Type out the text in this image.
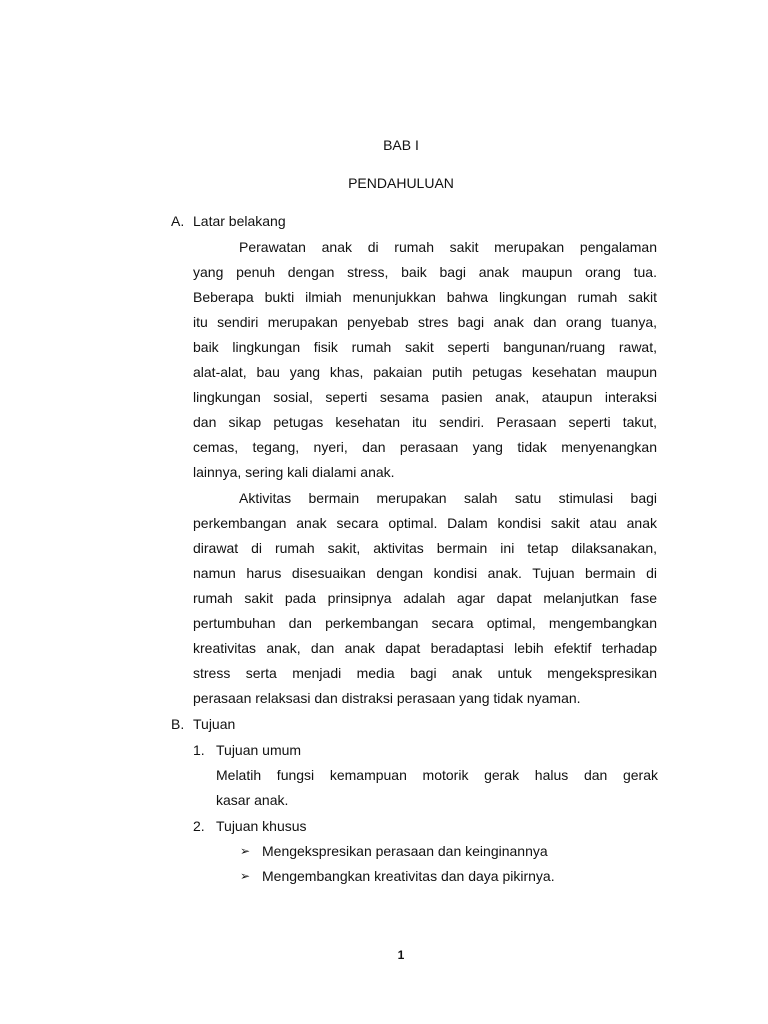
BAB I
PENDAHULUAN
A. Latar belakang
Perawatan anak di rumah sakit merupakan pengalaman
yang penuh dengan stress, baik bagi anak maupun orang tua.
Beberapa bukti ilmiah menunjukkan bahwa lingkungan rumah sakit
itu sendiri merupakan penyebab stres bagi anak dan orang tuanya,
baik lingkungan fisik rumah sakit seperti bangunan/ruang rawat,
alat-alat, bau yang khas, pakaian putih petugas kesehatan maupun
lingkungan sosial, seperti sesama pasien anak, ataupun interaksi
dan sikap petugas kesehatan itu sendiri. Perasaan seperti takut,
cemas, tegang, nyeri, dan perasaan yang tidak menyenangkan
lainnya, sering kali dialami anak.
Aktivitas bermain merupakan salah satu stimulasi bagi
perkembangan anak secara optimal. Dalam kondisi sakit atau anak
dirawat di rumah sakit, aktivitas bermain ini tetap dilaksanakan,
namun harus disesuaikan dengan kondisi anak. Tujuan bermain di
rumah sakit pada prinsipnya adalah agar dapat melanjutkan fase
pertumbuhan dan perkembangan secara optimal, mengembangkan
kreativitas anak, dan anak dapat beradaptasi lebih efektif terhadap
stress serta menjadi media bagi anak untuk mengekspresikan
perasaan relaksasi dan distraksi perasaan yang tidak nyaman.
B. Tujuan
1. Tujuan umum
Melatih fungsi kemampuan motorik gerak halus dan gerak
kasar anak.
2. Tujuan khusus
➢ Mengekspresikan perasaan dan keinginannya
➢ Mengembangkan kreativitas dan daya pikirnya.
1
